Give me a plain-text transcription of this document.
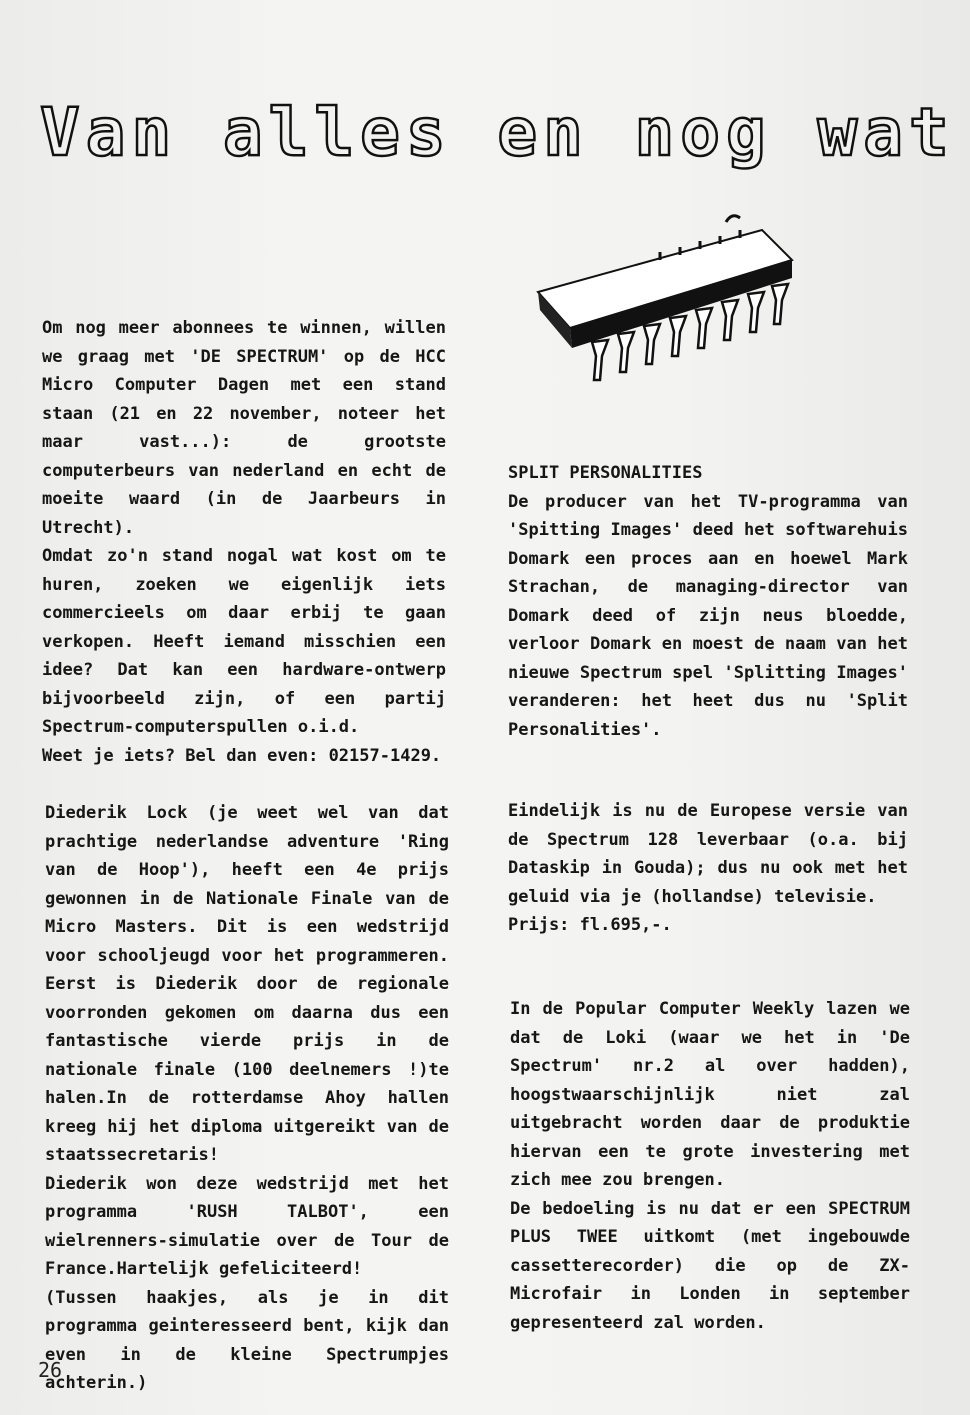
Van alles en nog wat

Om nog meer abonnees te winnen, willen we graag met 'DE SPECTRUM' op de HCC Micro Computer Dagen met een stand staan (21 en 22 november, noteer het maar vast...): de grootste computerbeurs van nederland en echt de moeite waard (in de Jaarbeurs in Utrecht).

Omdat zo'n stand nogal wat kost om te huren, zoeken we eigenlijk iets commercieels om daar erbij te gaan verkopen. Heeft iemand misschien een idee? Dat kan een hardware-ontwerp bijvoorbeeld zijn, of een partij Spectrum-computerspullen o.i.d.

Weet je iets? Bel dan even: 02157-1429.

SPLIT PERSONALITIES

De producer van het TV-programma van 'Spitting Images' deed het softwarehuis Domark een proces aan en hoewel Mark Strachan, de managing-director van Domark deed of zijn neus bloedde, verloor Domark en moest de naam van het nieuwe Spectrum spel 'Splitting Images' veranderen: het heet dus nu 'Split Personalities'.

Diederik Lock (je weet wel van dat prachtige nederlandse adventure 'Ring van de Hoop'), heeft een 4e prijs gewonnen in de Nationale Finale van de Micro Masters. Dit is een wedstrijd voor schooljeugd voor het programmeren. Eerst is Diederik door de regionale voorronden gekomen om daarna dus een fantastische vierde prijs in de nationale finale (100 deelnemers !)te halen.In de rotterdamse Ahoy hallen kreeg hij het diploma uitgereikt van de staatssecretaris!

Diederik won deze wedstrijd met het programma 'RUSH TALBOT', een wielrenners-simulatie over de Tour de France.Hartelijk gefeliciteerd!

(Tussen haakjes, als je in dit programma geinteresseerd bent, kijk dan even in de kleine Spectrumpjes achterin.)

Eindelijk is nu de Europese versie van de Spectrum 128 leverbaar (o.a. bij Dataskip in Gouda); dus nu ook met het geluid via je (hollandse) televisie.

Prijs: fl.695,-.

In de Popular Computer Weekly lazen we dat de Loki (waar we het in 'De Spectrum' nr.2 al over hadden), hoogstwaarschijnlijk niet zal uitgebracht worden daar de produktie hiervan een te grote investering met zich mee zou brengen.

De bedoeling is nu dat er een SPECTRUM PLUS TWEE uitkomt (met ingebouwde cassetterecorder) die op de ZX-Microfair in Londen in september gepresenteerd zal worden.

26
